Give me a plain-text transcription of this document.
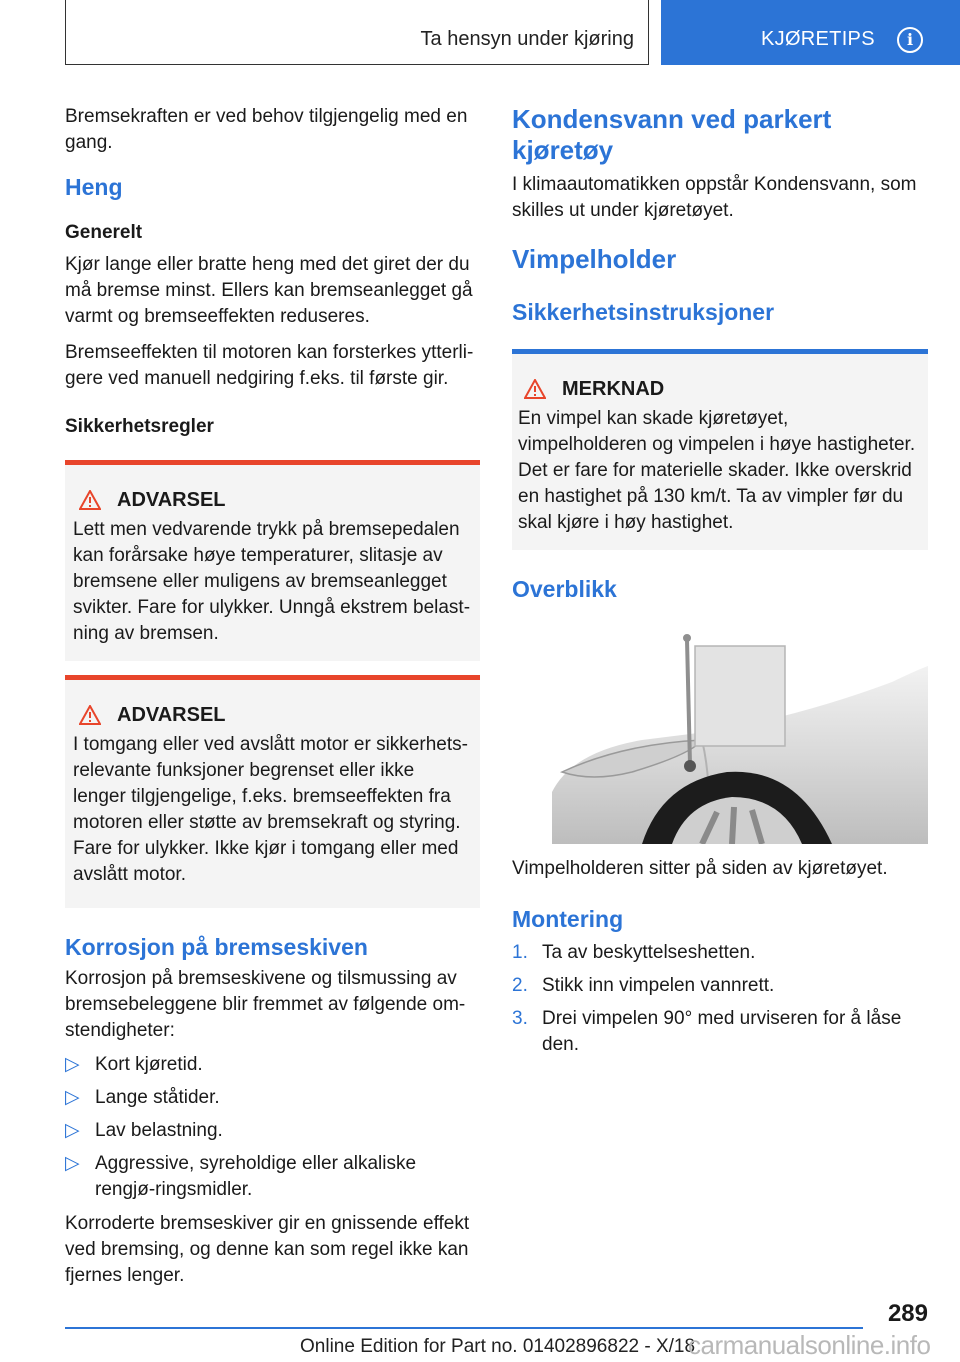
Ta hensyn under kjøring	KJØRETIPS	i

Bremsekraften er ved behov tilgjengelig med en gang.

Heng
Generelt

Kjør lange eller bratte heng med det giret der du må bremse minst. Ellers kan bremseanlegget gå varmt og bremseeffekten reduseres.

Bremseeffekten til motoren kan forsterkes ytterli-gere ved manuell nedgiring f.eks. til første gir.

Sikkerhetsregler
ADVARSEL

Lett men vedvarende trykk på bremsepedalen kan forårsake høye temperaturer, slitasje av bremsene eller muligens av bremseanlegget svikter. Fare for ulykker. Unngå ekstrem belast-ning av bremsen.

ADVARSEL

I tomgang eller ved avslått motor er sikkerhets-relevante funksjoner begrenset eller ikke lenger tilgjengelige, f.eks. bremseeffekten fra motoren eller støtte av bremsekraft og styring. Fare for ulykker. Ikke kjør i tomgang eller med avslått motor.

Korrosjon på bremseskiven

Korrosjon på bremseskivene og tilsmussing av bremsebeleggene blir fremmet av følgende om-stendigheter:

▷ Kort kjøretid.
▷ Lange ståtider.
▷ Lav belastning.
▷ Aggressive, syreholdige eller alkaliske rengjø-ringsmidler.

Korroderte bremseskiver gir en gnissende effekt ved bremsing, og denne kan som regel ikke kan fjernes lenger.

Kondensvann ved parkert kjøretøy

I klimaautomatikken oppstår Kondensvann, som skilles ut under kjøretøyet.

Vimpelholder
Sikkerhetsinstruksjoner
MERKNAD

En vimpel kan skade kjøretøyet, vimpelholderen og vimpelen i høye hastigheter. Det er fare for materielle skader. Ikke overskrid en hastighet på 130 km/t. Ta av vimpler før du skal kjøre i høy hastighet.

Overblikk

Vimpelholderen sitter på siden av kjøretøyet.

Montering
1. Ta av beskyttelseshetten.
2. Stikk inn vimpelen vannrett.
3. Drei vimpelen 90° med urviseren for å låse den.
289
Online Edition for Part no. 01402896822 - X/18
carmanualsonline.info
